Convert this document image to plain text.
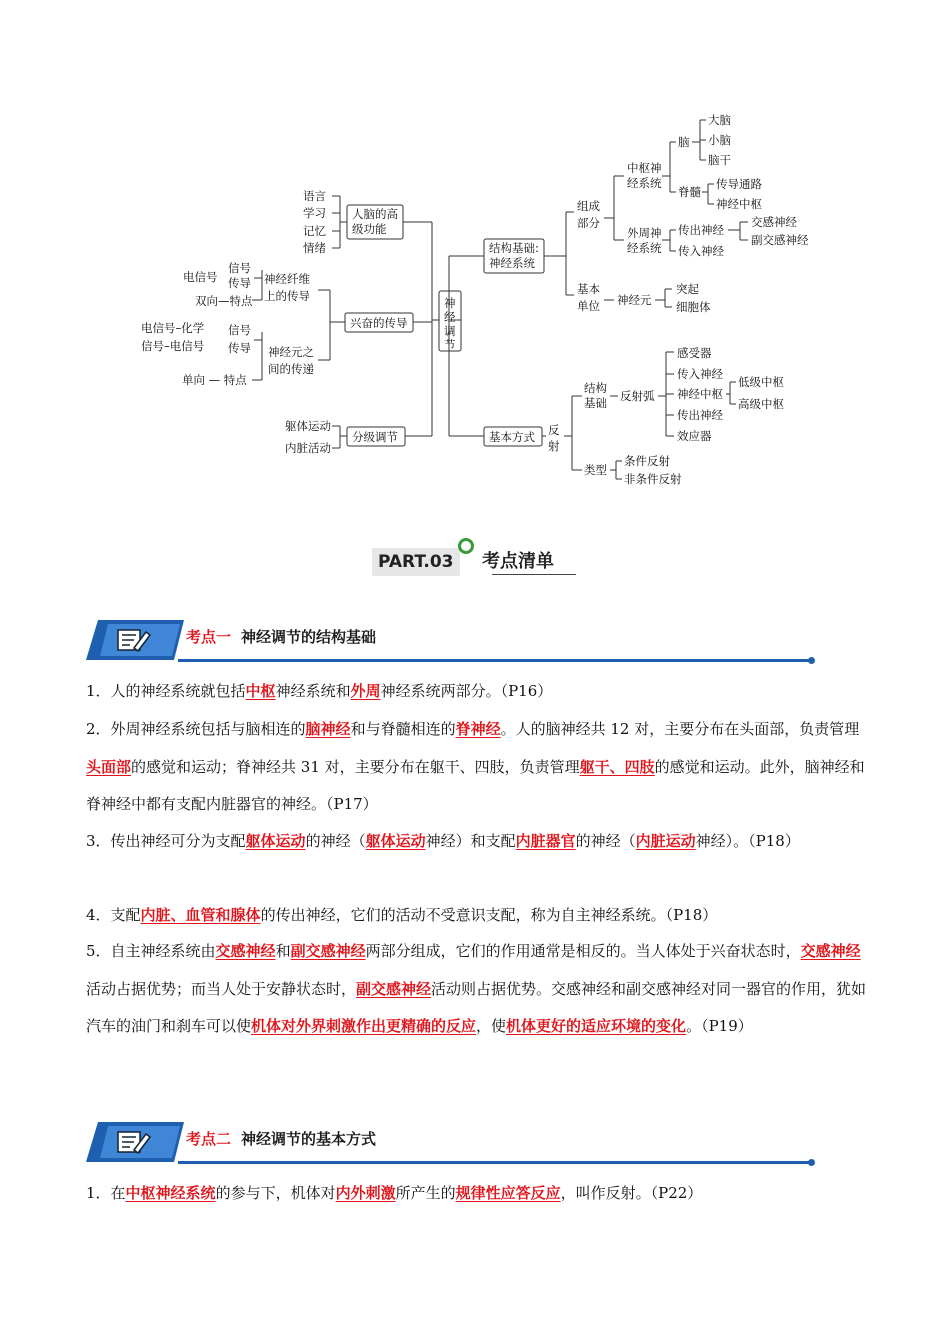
神
经
调
节
人脑的高
级功能
语言
学习
记忆
情绪
兴奋的传导
神经纤维
上的传导
信号
传导
电信号
双向—特点
神经元之
间的传递
信号
传导
电信号–化学
信号–电信号
单向 — 特点
分级调节
躯体运动
内脏活动
结构基础:
神经系统
组成
部分
中枢神
经系统
脑
大脑
小脑
脑干
脊髓
传导通路
神经中枢
外周神
经系统
传出神经
传入神经
交感神经
副交感神经
基本
单位 神经元
突起
细胞体
基本方式 反
射
结构
基础 反射弧
感受器
传入神经
神经中枢
传出神经
效应器
低级中枢
高级中枢
类型
条件反射
非条件反射
PART.03	考点清单
考点一 神经调节的结构基础

1．人的神经系统就包括中枢神经系统和外周神经系统两部分。（P16）

2．外周神经系统包括与脑相连的脑神经和与脊髓相连的脊神经。人的脑神经共 12 对，主要分布在头面部，负责管理头面部的感觉和运动；脊神经共 31 对，主要分布在躯干、四肢，负责管理躯干、四肢的感觉和运动。此外，脑神经和脊神经中都有支配内脏器官的神经。（P17）

3．传出神经可分为支配躯体运动的神经（躯体运动神经）和支配内脏器官的神经（内脏运动神经）。（P18）

4．支配内脏、血管和腺体的传出神经，它们的活动不受意识支配，称为自主神经系统。（P18）

5．自主神经系统由交感神经和副交感神经两部分组成，它们的作用通常是相反的。当人体处于兴奋状态时，交感神经活动占据优势；而当人处于安静状态时，副交感神经活动则占据优势。交感神经和副交感神经对同一器官的作用，犹如汽车的油门和刹车可以使机体对外界刺激作出更精确的反应，使机体更好的适应环境的变化。（P19）

考点二 神经调节的基本方式

1．在中枢神经系统的参与下，机体对内外刺激所产生的规律性应答反应，叫作反射。（P22）
